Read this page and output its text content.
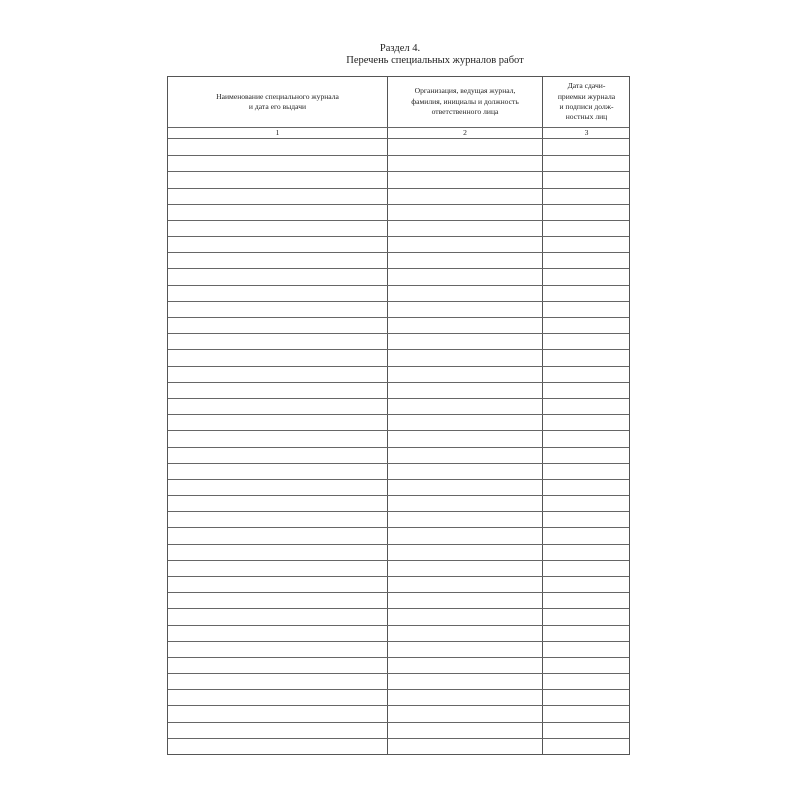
Раздел 4.
Перечень специальных журналов работ
Наименование специального журнала
и дата его выдачи
Организация, ведущая журнал,
фамилия, инициалы и должность
ответственного лица
Дата сдачи-
приемки журнала
и подписи долж-
ностных лиц
1	2	3
